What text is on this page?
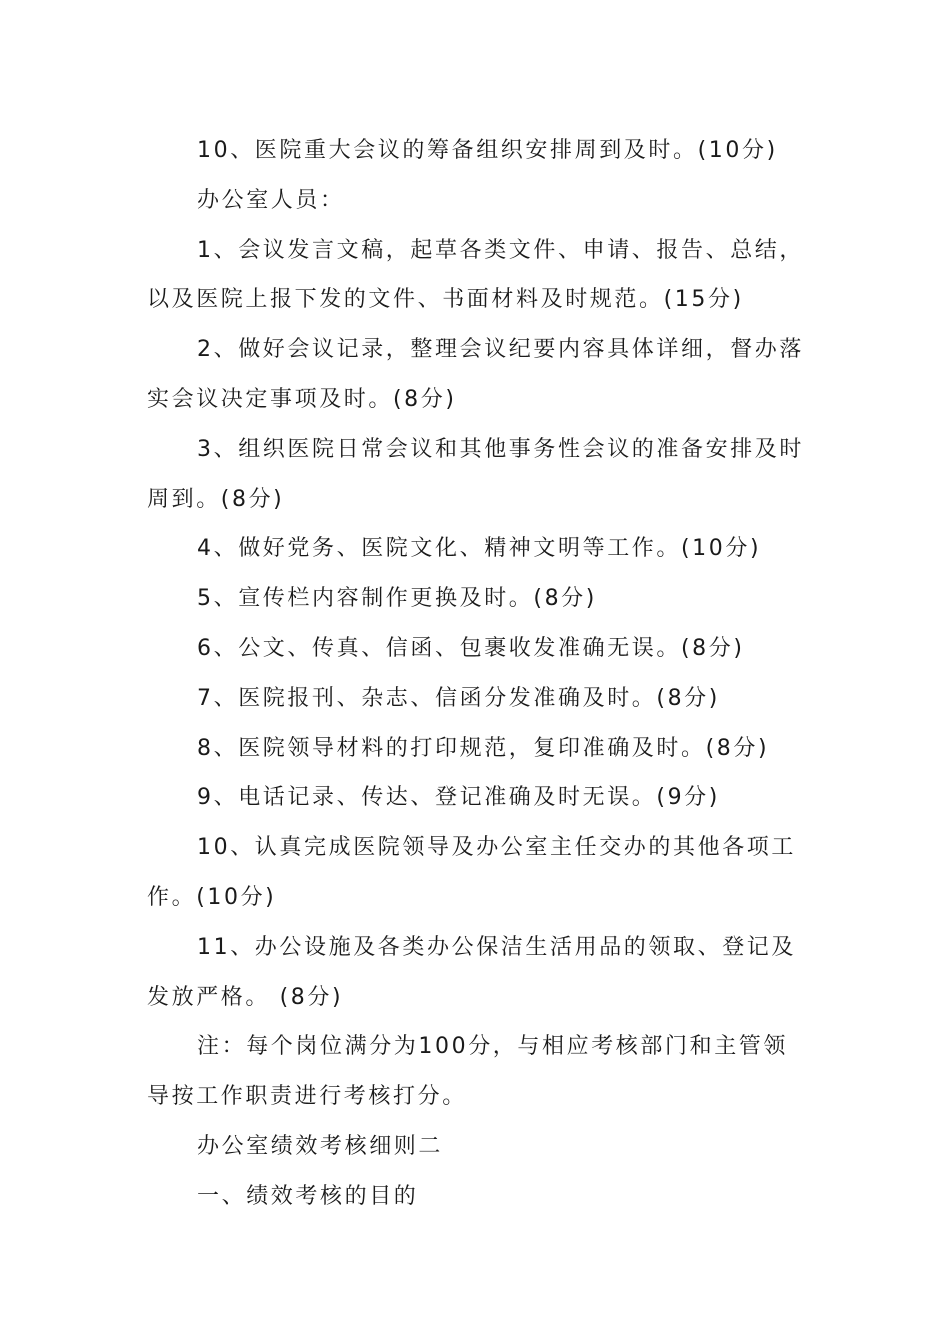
10、医院重大会议的筹备组织安排周到及时。(10分)

办公室人员：

1、会议发言文稿，起草各类文件、申请、报告、总结，以及医院上报下发的文件、书面材料及时规范。(15分)

2、做好会议记录，整理会议纪要内容具体详细，督办落实会议决定事项及时。(8分)

3、组织医院日常会议和其他事务性会议的准备安排及时周到。(8分)

4、做好党务、医院文化、精神文明等工作。(10分)

5、宣传栏内容制作更换及时。(8分)

6、公文、传真、信函、包裹收发准确无误。(8分)

7、医院报刊、杂志、信函分发准确及时。(8分)

8、医院领导材料的打印规范，复印准确及时。(8分)

9、电话记录、传达、登记准确及时无误。(9分)

10、认真完成医院领导及办公室主任交办的其他各项工作。(10分)

11、办公设施及各类办公保洁生活用品的领取、登记及发放严格。 (8分)

注：每个岗位满分为100分，与相应考核部门和主管领导按工作职责进行考核打分。

办公室绩效考核细则二

一、绩效考核的目的
